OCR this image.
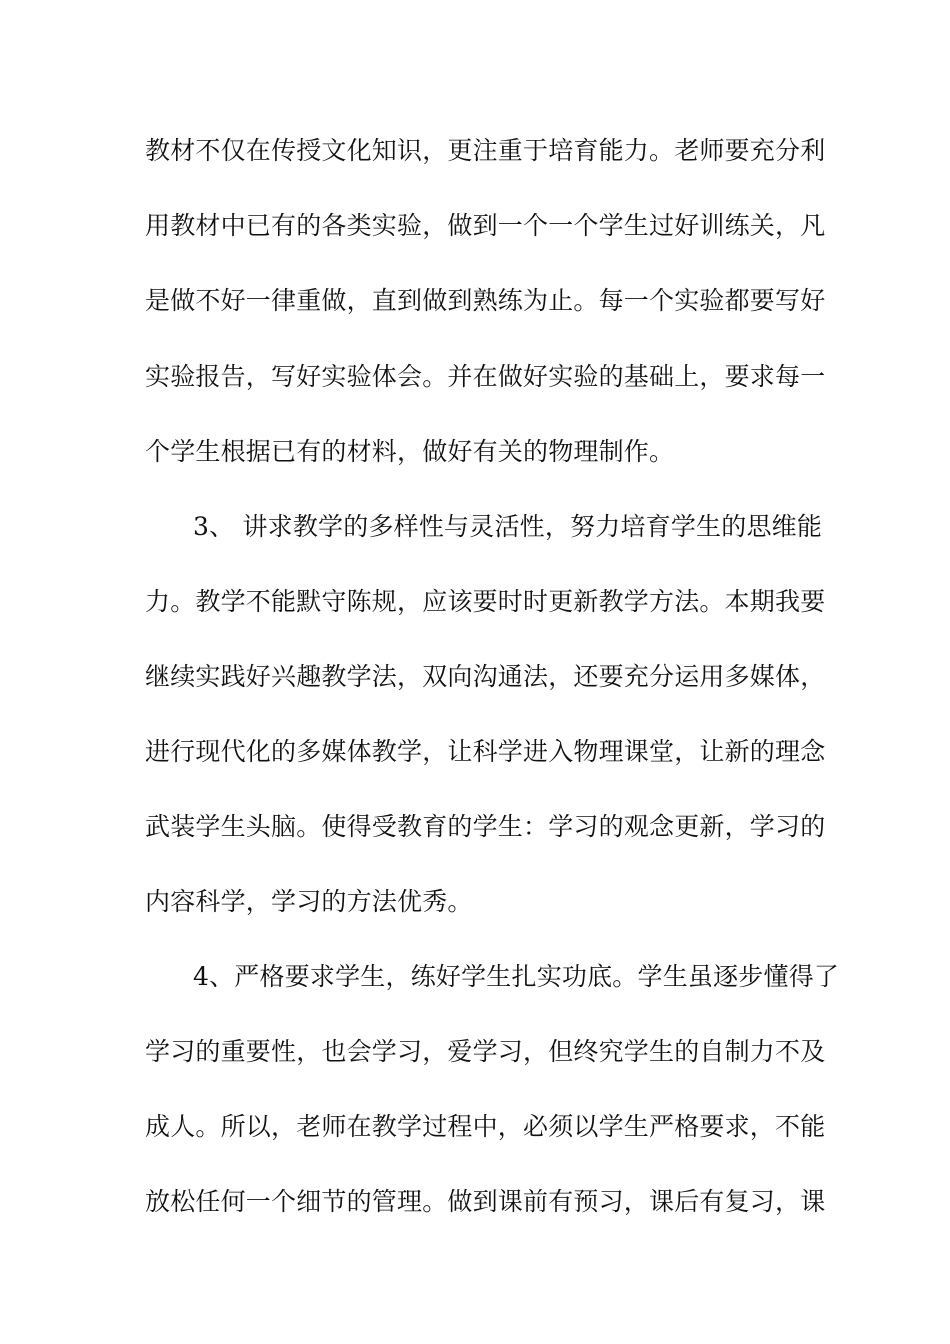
教材不仅在传授文化知识，更注重于培育能力。老师要充分利
用教材中已有的各类实验，做到一个一个学生过好训练关，凡
是做不好一律重做，直到做到熟练为止。每一个实验都要写好
实验报告，写好实验体会。并在做好实验的基础上，要求每一
个学生根据已有的材料，做好有关的物理制作。
3、 讲求教学的多样性与灵活性，努力培育学生的思维能
力。教学不能默守陈规，应该要时时更新教学方法。本期我要
继续实践好兴趣教学法，双向沟通法，还要充分运用多媒体，
进行现代化的多媒体教学，让科学进入物理课堂，让新的理念
武装学生头脑。使得受教育的学生：学习的观念更新，学习的
内容科学，学习的方法优秀。
4、严格要求学生，练好学生扎实功底。学生虽逐步懂得了
学习的重要性，也会学习，爱学习，但终究学生的自制力不及
成人。所以，老师在教学过程中，必须以学生严格要求，不能
放松任何一个细节的管理。做到课前有预习，课后有复习，课
